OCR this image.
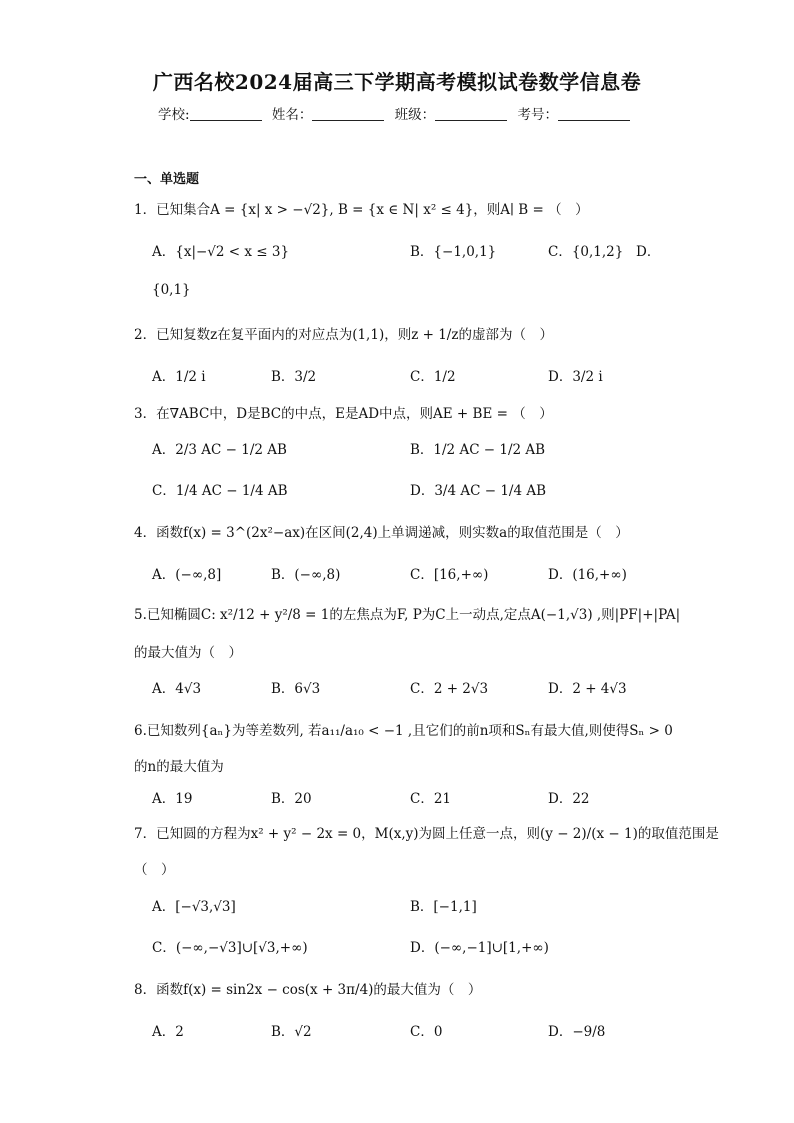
广西名校2024届高三下学期高考模拟试卷数学信息卷
学校:	姓名：	班级：	考号：
一、单选题
1．已知集合A = {x| x > −√2}, B = {x ∈ N| x² ≤ 4}，则A∣ B = （　）
A．{x|−√2 < x ≤ 3}	B．{−1,0,1}	C．{0,1,2} D．
{0,1}
2．已知复数z在复平面内的对应点为(1,1)，则z + 1/z的虚部为（　）
A．1/2 i	B．3/2	C．1/2	D．3/2 i
3．在∇ABC中，D是BC的中点，E是AD中点，则AE + BE = （　）
A．2/3 AC − 1/2 AB	B．1/2 AC − 1/2 AB
C．1/4 AC − 1/4 AB	D．3/4 AC − 1/4 AB
4．函数f(x) = 3^(2x²−ax)在区间(2,4)上单调递减，则实数a的取值范围是（　）
A．(−∞,8]	B．(−∞,8)	C．[16,+∞)	D．(16,+∞)
5.已知椭圆C: x²/12 + y²/8 = 1的左焦点为F, P为C上一动点,定点A(−1,√3) ,则|PF|+|PA|
的最大值为（　）
A．4√3	B．6√3	C．2 + 2√3	D．2 + 4√3
6.已知数列{aₙ}为等差数列, 若a₁₁/a₁₀ < −1 ,且它们的前n项和Sₙ有最大值,则使得Sₙ > 0
的n的最大值为
A．19	B．20	C．21	D．22
7．已知圆的方程为x² + y² − 2x = 0，M(x,y)为圆上任意一点，则(y − 2)/(x − 1)的取值范围是
（　）
A．[−√3,√3]	B．[−1,1]
C．(−∞,−√3]∪[√3,+∞)	D．(−∞,−1]∪[1,+∞)
8．函数f(x) = sin2x − cos(x + 3π/4)的最大值为（　）
A．2	B．√2	C．0	D．−9/8
